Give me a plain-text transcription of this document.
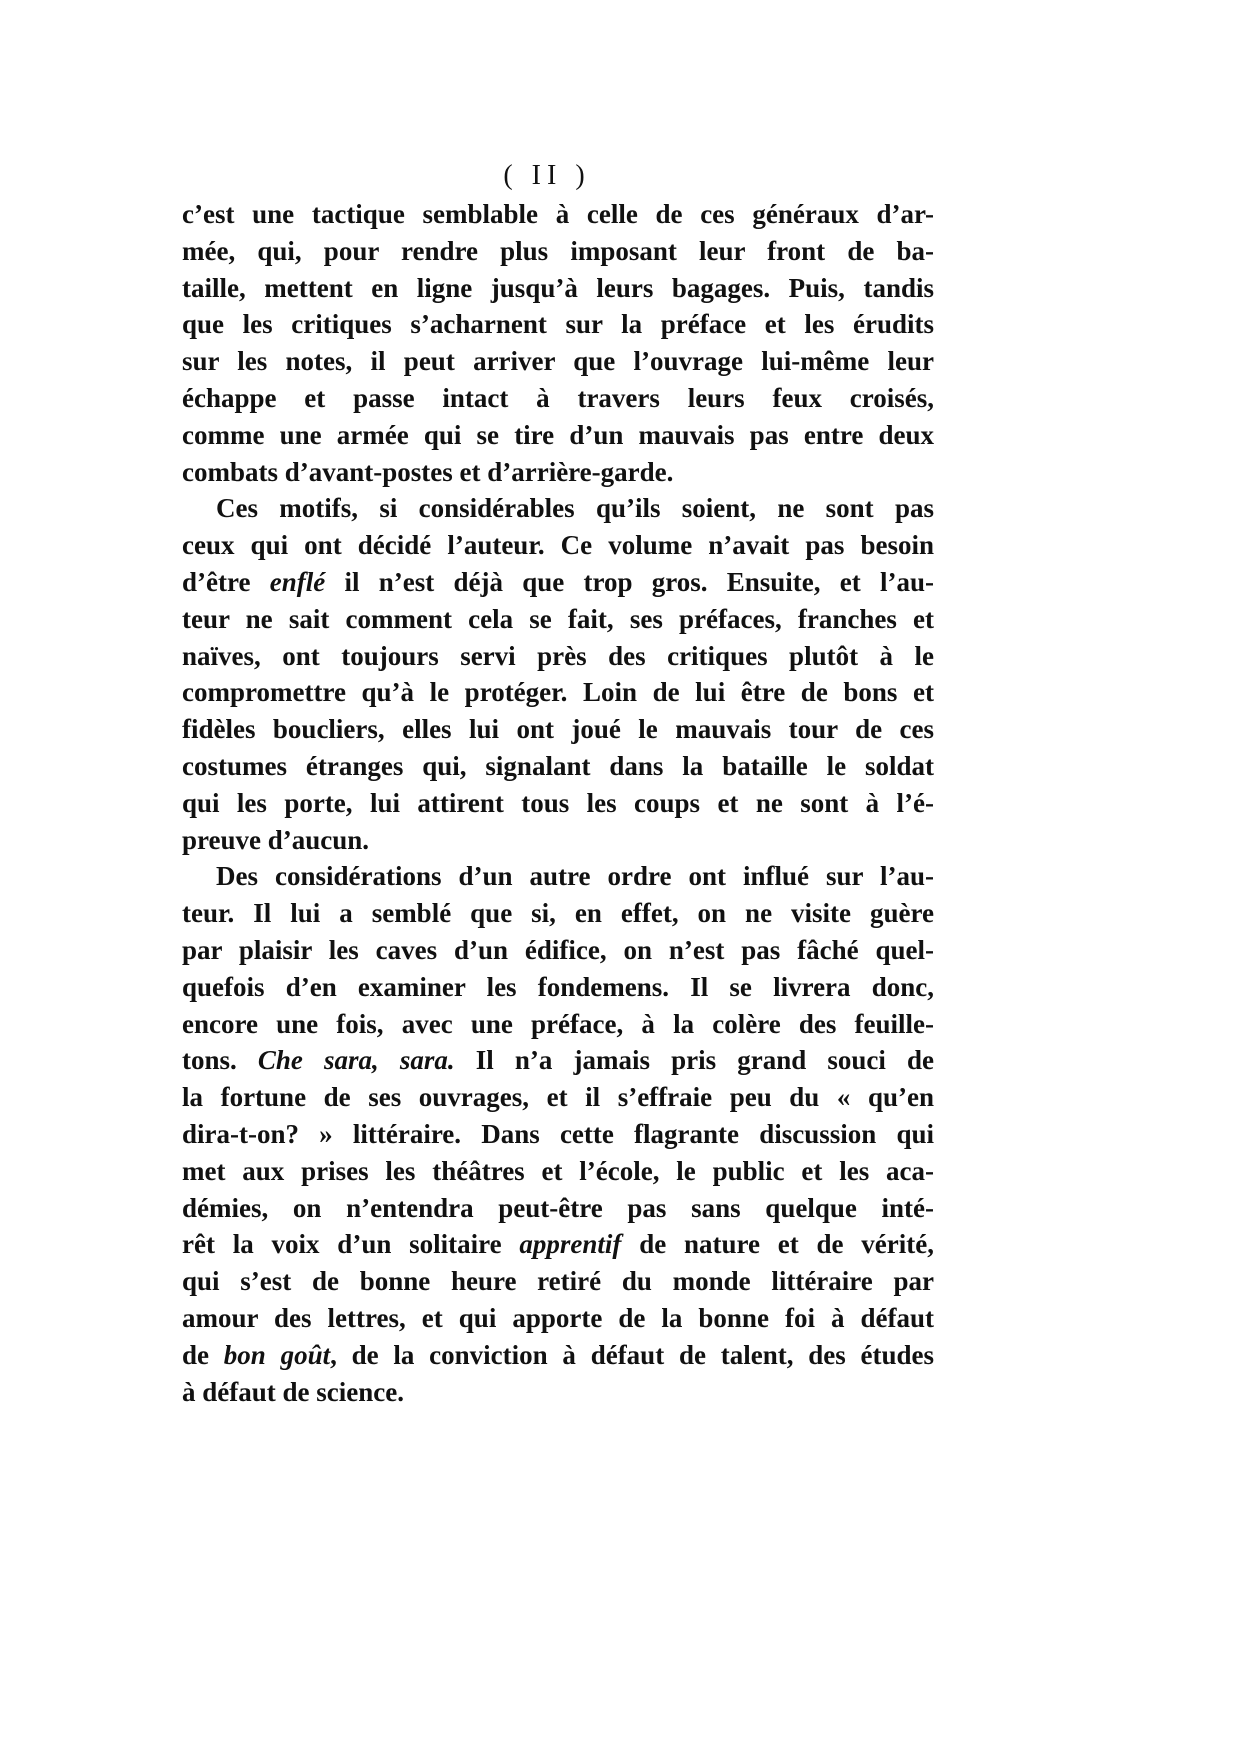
( II )
c’est une tactique semblable à celle de ces généraux d’ar-
mée, qui, pour rendre plus imposant leur front de ba-
taille, mettent en ligne jusqu’à leurs bagages. Puis, tandis
que les critiques s’acharnent sur la préface et les érudits
sur les notes, il peut arriver que l’ouvrage lui-même leur
échappe et passe intact à travers leurs feux croisés,
comme une armée qui se tire d’un mauvais pas entre deux
combats d’avant-postes et d’arrière-garde.
Ces motifs, si considérables qu’ils soient, ne sont pas
ceux qui ont décidé l’auteur. Ce volume n’avait pas besoin
d’être enflé il n’est déjà que trop gros. Ensuite, et l’au-
teur ne sait comment cela se fait, ses préfaces, franches et
naïves, ont toujours servi près des critiques plutôt à le
compromettre qu’à le protéger. Loin de lui être de bons et
fidèles boucliers, elles lui ont joué le mauvais tour de ces
costumes étranges qui, signalant dans la bataille le soldat
qui les porte, lui attirent tous les coups et ne sont à l’é-
preuve d’aucun.
Des considérations d’un autre ordre ont influé sur l’au-
teur. Il lui a semblé que si, en effet, on ne visite guère
par plaisir les caves d’un édifice, on n’est pas fâché quel-
quefois d’en examiner les fondemens. Il se livrera donc,
encore une fois, avec une préface, à la colère des feuille-
tons. Che sara, sara. Il n’a jamais pris grand souci de
la fortune de ses ouvrages, et il s’effraie peu du « qu’en
dira-t-on? » littéraire. Dans cette flagrante discussion qui
met aux prises les théâtres et l’école, le public et les aca-
démies, on n’entendra peut-être pas sans quelque inté-
rêt la voix d’un solitaire apprentif de nature et de vérité,
qui s’est de bonne heure retiré du monde littéraire par
amour des lettres, et qui apporte de la bonne foi à défaut
de bon goût, de la conviction à défaut de talent, des études
à défaut de science.
